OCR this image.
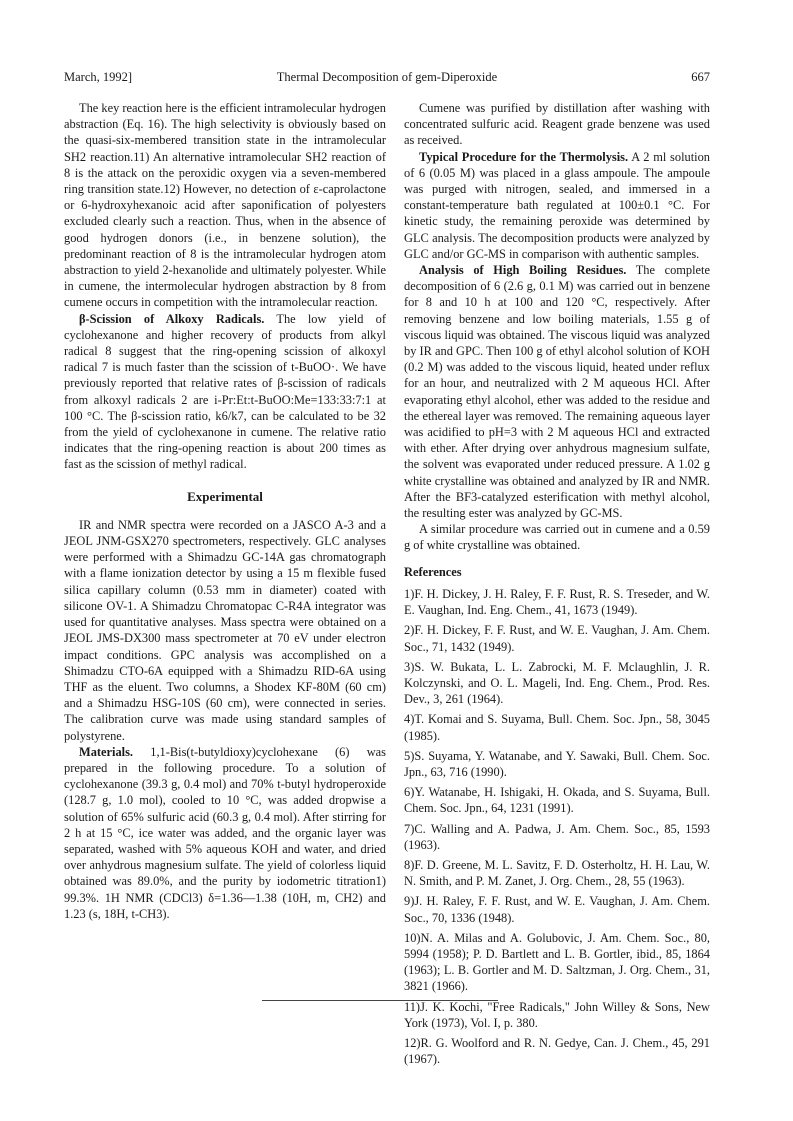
March, 1992]	Thermal Decomposition of gem-Diperoxide	667

The key reaction here is the efficient intramolecular hydrogen abstraction (Eq. 16). The high selectivity is obviously based on the quasi-six-membered transition state in the intramolecular SH2 reaction.11) An alternative intramolecular SH2 reaction of 8 is the attack on the peroxidic oxygen via a seven-membered ring transition state.12) However, no detection of ε-caprolactone or 6-hydroxyhexanoic acid after saponification of polyesters excluded clearly such a reaction. Thus, when in the absence of good hydrogen donors (i.e., in benzene solution), the predominant reaction of 8 is the intramolecular hydrogen atom abstraction to yield 2-hexanolide and ultimately polyester. While in cumene, the intermolecular hydrogen abstraction by 8 from cumene occurs in competition with the intramolecular reaction.

β-Scission of Alkoxy Radicals. The low yield of cyclohexanone and higher recovery of products from alkyl radical 8 suggest that the ring-opening scission of alkoxyl radical 7 is much faster than the scission of t-BuOO·. We have previously reported that relative rates of β-scission of radicals from alkoxyl radicals 2 are i-Pr:Et:t-BuOO:Me=133:33:7:1 at 100 °C. The β-scission ratio, k6/k7, can be calculated to be 32 from the yield of cyclohexanone in cumene. The relative ratio indicates that the ring-opening reaction is about 200 times as fast as the scission of methyl radical.

Experimental

IR and NMR spectra were recorded on a JASCO A-3 and a JEOL JNM-GSX270 spectrometers, respectively. GLC analyses were performed with a Shimadzu GC-14A gas chromatograph with a flame ionization detector by using a 15 m flexible fused silica capillary column (0.53 mm in diameter) coated with silicone OV-1. A Shimadzu Chromatopac C-R4A integrator was used for quantitative analyses. Mass spectra were obtained on a JEOL JMS-DX300 mass spectrometer at 70 eV under electron impact conditions. GPC analysis was accomplished on a Shimadzu CTO-6A equipped with a Shimadzu RID-6A using THF as the eluent. Two columns, a Shodex KF-80M (60 cm) and a Shimadzu HSG-10S (60 cm), were connected in series. The calibration curve was made using standard samples of polystyrene.

Materials. 1,1-Bis(t-butyldioxy)cyclohexane (6) was prepared in the following procedure. To a solution of cyclohexanone (39.3 g, 0.4 mol) and 70% t-butyl hydroperoxide (128.7 g, 1.0 mol), cooled to 10 °C, was added dropwise a solution of 65% sulfuric acid (60.3 g, 0.4 mol). After stirring for 2 h at 15 °C, ice water was added, and the organic layer was separated, washed with 5% aqueous KOH and water, and dried over anhydrous magnesium sulfate. The yield of colorless liquid obtained was 89.0%, and the purity by iodometric titration1) 99.3%. 1H NMR (CDCl3) δ=1.36—1.38 (10H, m, CH2) and 1.23 (s, 18H, t-CH3).

Cumene was purified by distillation after washing with concentrated sulfuric acid. Reagent grade benzene was used as received.

Typical Procedure for the Thermolysis. A 2 ml solution of 6 (0.05 M) was placed in a glass ampoule. The ampoule was purged with nitrogen, sealed, and immersed in a constant-temperature bath regulated at 100±0.1 °C. For kinetic study, the remaining peroxide was determined by GLC analysis. The decomposition products were analyzed by GLC and/or GC-MS in comparison with authentic samples.

Analysis of High Boiling Residues. The complete decomposition of 6 (2.6 g, 0.1 M) was carried out in benzene for 8 and 10 h at 100 and 120 °C, respectively. After removing benzene and low boiling materials, 1.55 g of viscous liquid was obtained. The viscous liquid was analyzed by IR and GPC. Then 100 g of ethyl alcohol solution of KOH (0.2 M) was added to the viscous liquid, heated under reflux for an hour, and neutralized with 2 M aqueous HCl. After evaporating ethyl alcohol, ether was added to the residue and the ethereal layer was removed. The remaining aqueous layer was acidified to pH=3 with 2 M aqueous HCl and extracted with ether. After drying over anhydrous magnesium sulfate, the solvent was evaporated under reduced pressure. A 1.02 g white crystalline was obtained and analyzed by IR and NMR. After the BF3-catalyzed esterification with methyl alcohol, the resulting ester was analyzed by GC-MS.

A similar procedure was carried out in cumene and a 0.59 g of white crystalline was obtained.

References
1)F. H. Dickey, J. H. Raley, F. F. Rust, R. S. Treseder, and W. E. Vaughan, Ind. Eng. Chem., 41, 1673 (1949).
2)F. H. Dickey, F. F. Rust, and W. E. Vaughan, J. Am. Chem. Soc., 71, 1432 (1949).
3)S. W. Bukata, L. L. Zabrocki, M. F. Mclaughlin, J. R. Kolczynski, and O. L. Mageli, Ind. Eng. Chem., Prod. Res. Dev., 3, 261 (1964).
4)T. Komai and S. Suyama, Bull. Chem. Soc. Jpn., 58, 3045 (1985).
5)S. Suyama, Y. Watanabe, and Y. Sawaki, Bull. Chem. Soc. Jpn., 63, 716 (1990).
6)Y. Watanabe, H. Ishigaki, H. Okada, and S. Suyama, Bull. Chem. Soc. Jpn., 64, 1231 (1991).
7)C. Walling and A. Padwa, J. Am. Chem. Soc., 85, 1593 (1963).
8)F. D. Greene, M. L. Savitz, F. D. Osterholtz, H. H. Lau, W. N. Smith, and P. M. Zanet, J. Org. Chem., 28, 55 (1963).
9)J. H. Raley, F. F. Rust, and W. E. Vaughan, J. Am. Chem. Soc., 70, 1336 (1948).
10)N. A. Milas and A. Golubovic, J. Am. Chem. Soc., 80, 5994 (1958); P. D. Bartlett and L. B. Gortler, ibid., 85, 1864 (1963); L. B. Gortler and M. D. Saltzman, J. Org. Chem., 31, 3821 (1966).
11)J. K. Kochi, "Free Radicals," John Willey & Sons, New York (1973), Vol. I, p. 380.
12)R. G. Woolford and R. N. Gedye, Can. J. Chem., 45, 291 (1967).
